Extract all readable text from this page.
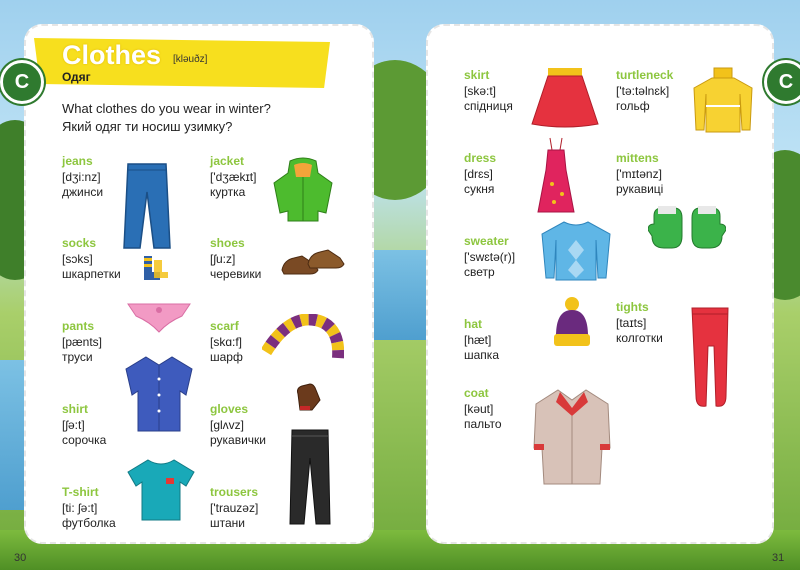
Clothes [kləuðz]
Одяг
C
What clothes do you wear in winter?
Який одяг ти носиш узимку?
jeans
[dʒi:nz]
джинси
socks
[sɔks]
шкарпетки
pants
[pænts]
труси
shirt
[ʃə:t]
сорочка
T-shirt
[ti: ʃə:t]
футболка
jacket
['dʒækɪt]
куртка
shoes
[ʃu:z]
черевики
scarf
[skɑ:f]
шарф
gloves
[glʌvz]
рукавички
trousers
['trauzəz]
штани
30
C
skirt
[skə:t]
спідниця
dress
[drɛs]
сукня
sweater
['swɛtə(r)]
светр
hat
[hæt]
шапка
coat
[kəut]
пальто
turtleneck
['tə:təlnɛk]
гольф
mittens
['mɪtənz]
рукавиці
tights
[taɪts]
колготки
31
